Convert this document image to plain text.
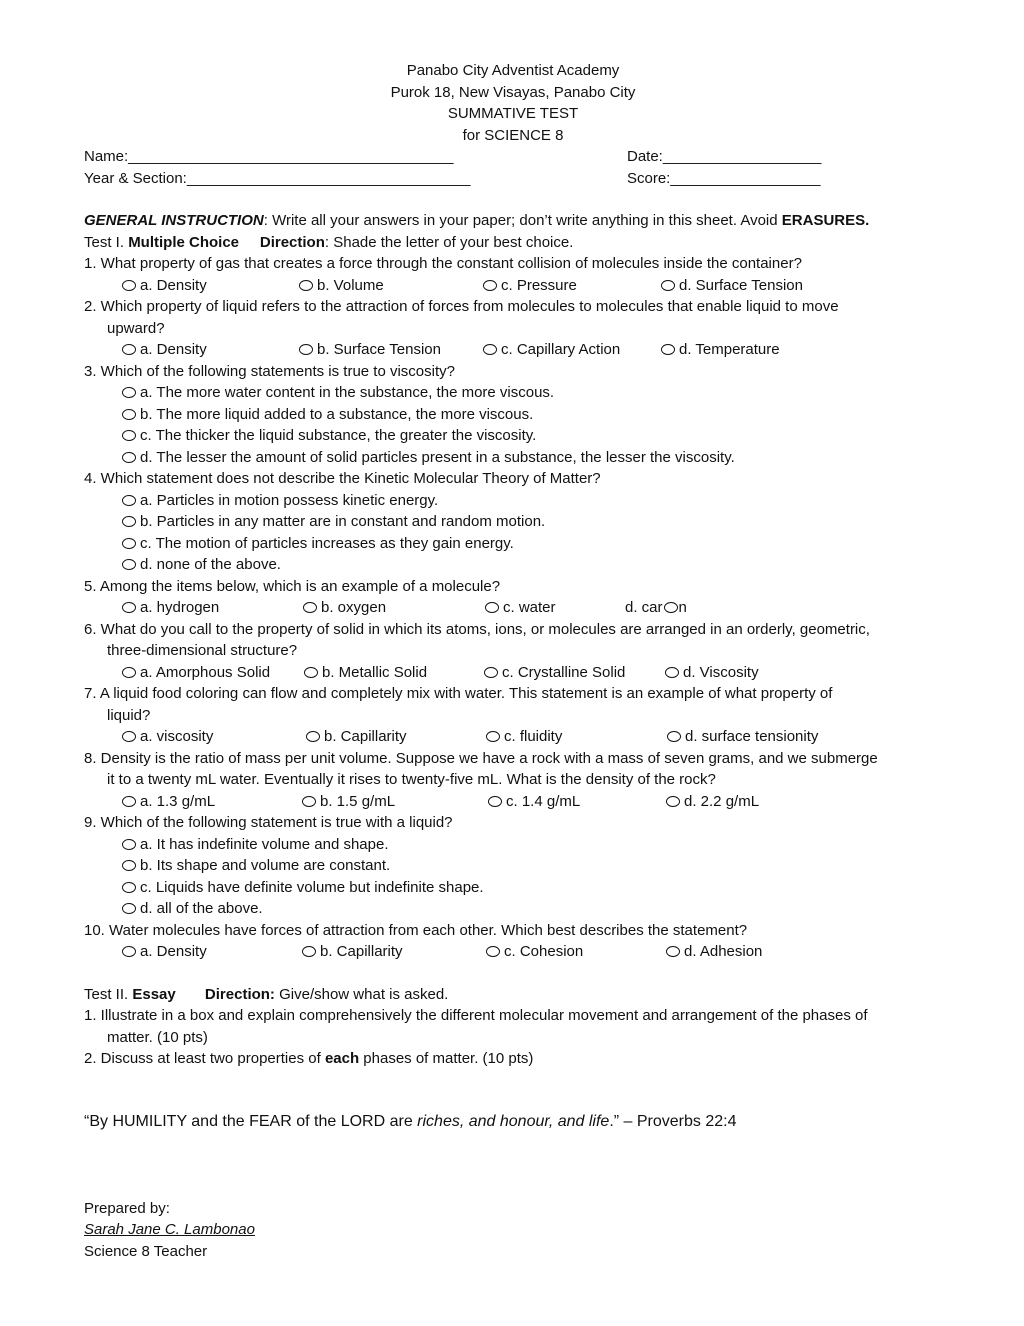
Panabo City Adventist Academy
Purok 18, New Visayas, Panabo City
SUMMATIVE TEST
for SCIENCE 8
Name:_______________________________________	Date:___________________
Year & Section:__________________________________	Score:__________________
GENERAL INSTRUCTION: Write all your answers in your paper; don’t write anything in this sheet. Avoid ERASURES.
Test I. Multiple Choice Direction: Shade the letter of your best choice.
1. What property of gas that creates a force through the constant collision of molecules inside the container?
a. Density	b. Volume	c. Pressure	d. Surface Tension
2. Which property of liquid refers to the attraction of forces from molecules to molecules that enable liquid to move
upward?
a. Density	b. Surface Tension	c. Capillary Action	d. Temperature
3. Which of the following statements is true to viscosity?
a. The more water content in the substance, the more viscous.
b. The more liquid added to a substance, the more viscous.
c. The thicker the liquid substance, the greater the viscosity.
d. The lesser the amount of solid particles present in a substance, the lesser the viscosity.
4. Which statement does not describe the Kinetic Molecular Theory of Matter?
a. Particles in motion possess kinetic energy.
b. Particles in any matter are in constant and random motion.
c. The motion of particles increases as they gain energy.
d. none of the above.
5. Among the items below, which is an example of a molecule?
a. hydrogen	b. oxygen	c. water	d. car n
6. What do you call to the property of solid in which its atoms, ions, or molecules are arranged in an orderly, geometric,
three-dimensional structure?
a. Amorphous Solid	b. Metallic Solid	c. Crystalline Solid	d. Viscosity
7. A liquid food coloring can flow and completely mix with water. This statement is an example of what property of
liquid?
a. viscosity	b. Capillarity	c. fluidity	d. surface tensionity
8. Density is the ratio of mass per unit volume. Suppose we have a rock with a mass of seven grams, and we submerge
it to a twenty mL water. Eventually it rises to twenty-five mL. What is the density of the rock?
a. 1.3 g/mL	b. 1.5 g/mL	c. 1.4 g/mL	d. 2.2 g/mL
9. Which of the following statement is true with a liquid?
a. It has indefinite volume and shape.
b. Its shape and volume are constant.
c. Liquids have definite volume but indefinite shape.
d. all of the above.
10. Water molecules have forces of attraction from each other. Which best describes the statement?
a. Density	b. Capillarity	c. Cohesion	d. Adhesion
Test II. Essay Direction: Give/show what is asked.
1. Illustrate in a box and explain comprehensively the different molecular movement and arrangement of the phases of
matter. (10 pts)
2. Discuss at least two properties of each phases of matter. (10 pts)
“By HUMILITY and the FEAR of the LORD are riches, and honour, and life.” – Proverbs 22:4
Prepared by:
Sarah Jane C. Lambonao
Science 8 Teacher
